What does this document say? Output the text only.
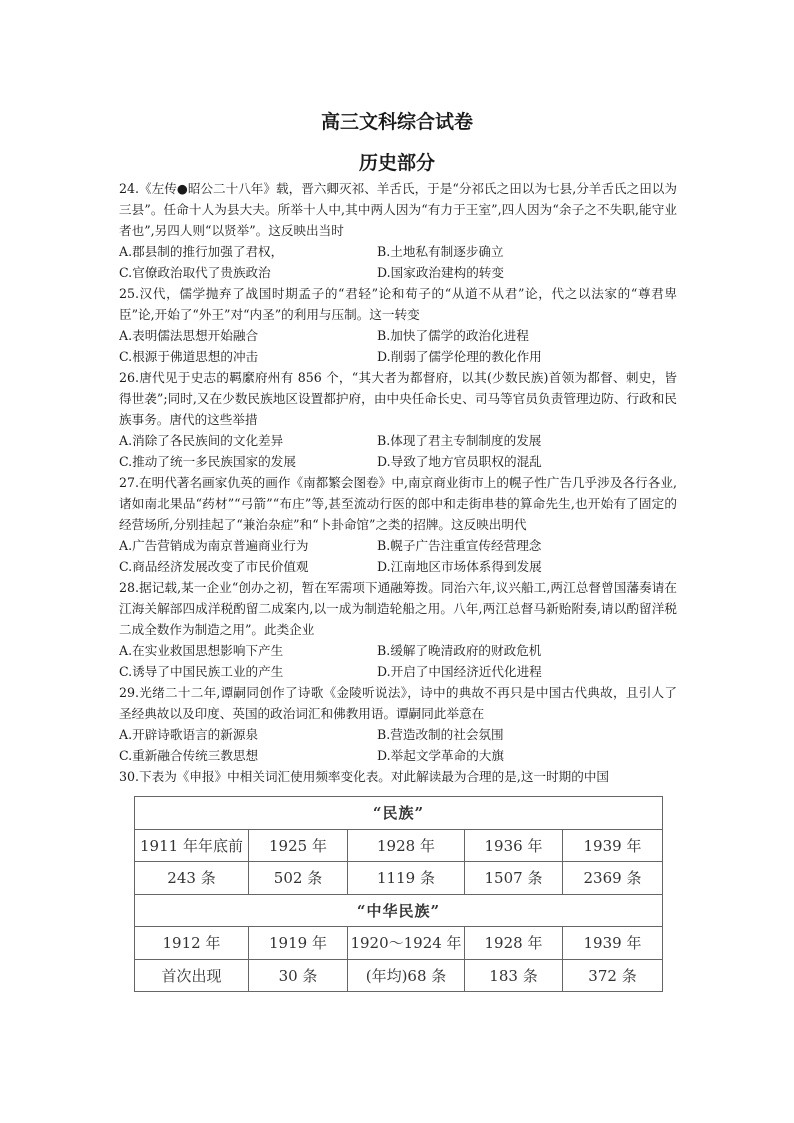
高三文科综合试卷
历史部分

24.《左传●昭公二十八年》载，晋六卿灭祁、羊舌氏，于是“分祁氏之田以为七县,分羊舌氏之田以为三县”。任命十人为县大夫。所举十人中,其中两人因为“有力于王室”,四人因为“余子之不失职,能守业者也”,另四人则“以贤举”。这反映出当时

A.郡县制的推行加强了君权，	B.土地私有制逐步确立
C.官僚政治取代了贵族政治	D.国家政治建构的转变

25.汉代，儒学抛弃了战国时期孟子的“君轻”论和荀子的“从道不从君”论，代之以法家的“尊君卑臣”论,开始了“外王”对“内圣”的利用与压制。这一转变

A.表明儒法思想开始融合	B.加快了儒学的政治化进程
C.根源于佛道思想的冲击	D.削弱了儒学伦理的教化作用

26.唐代见于史志的羁縻府州有 856 个，“其大者为都督府，以其(少数民族)首领为都督、刺史，皆得世袭”;同时,又在少数民族地区设置都护府，由中央任命长史、司马等官员负责管理边防、行政和民族事务。唐代的这些举措

A.消除了各民族间的文化差异	B.体现了君主专制制度的发展
C.推动了统一多民族国家的发展	D.导致了地方官员职权的混乱

27.在明代著名画家仇英的画作《南都繁会图卷》中,南京商业街市上的幌子性广告几乎涉及各行各业,诸如南北果品“药材”“弓箭”“布庄”等,甚至流动行医的郎中和走街串巷的算命先生,也开始有了固定的经营场所,分别挂起了“兼治杂症”和“卜卦命馆”之类的招牌。这反映出明代

A.广告营销成为南京普遍商业行为	B.幌子广告注重宣传经营理念
C.商品经济发展改变了市民价值观	D.江南地区市场体系得到发展

28.据记载,某一企业“创办之初，暂在军需项下通融筹拨。同治六年,议兴船工,两江总督曾国藩奏请在江海关解部四成洋税酌留二成案内,以一成为制造轮船之用。八年,两江总督马新贻附奏,请以酌留洋税二成全数作为制造之用”。此类企业

A.在实业救国思想影响下产生	B.缓解了晚清政府的财政危机
C.诱导了中国民族工业的产生	D.开启了中国经济近代化进程

29.光绪二十二年,谭嗣同创作了诗歌《金陵听说法》，诗中的典故不再只是中国古代典故，且引人了圣经典故以及印度、英国的政治词汇和佛教用语。谭嗣同此举意在

A.开辟诗歌语言的新源泉	B.营造改制的社会氛围
C.重新融合传统三教思想	D.举起文学革命的大旗

30.下表为《申报》中相关词汇使用频率变化表。对此解读最为合理的是,这一时期的中国

“民族”				
1911 年年底前	1925 年	1928 年	1936 年	1939 年
243 条	502 条	1119 条	1507 条	2369 条
“中华民族”				
1912 年	1919 年	1920～1924 年	1928 年	1939 年
首次出现	30 条	(年均)68 条	183 条	372 条
